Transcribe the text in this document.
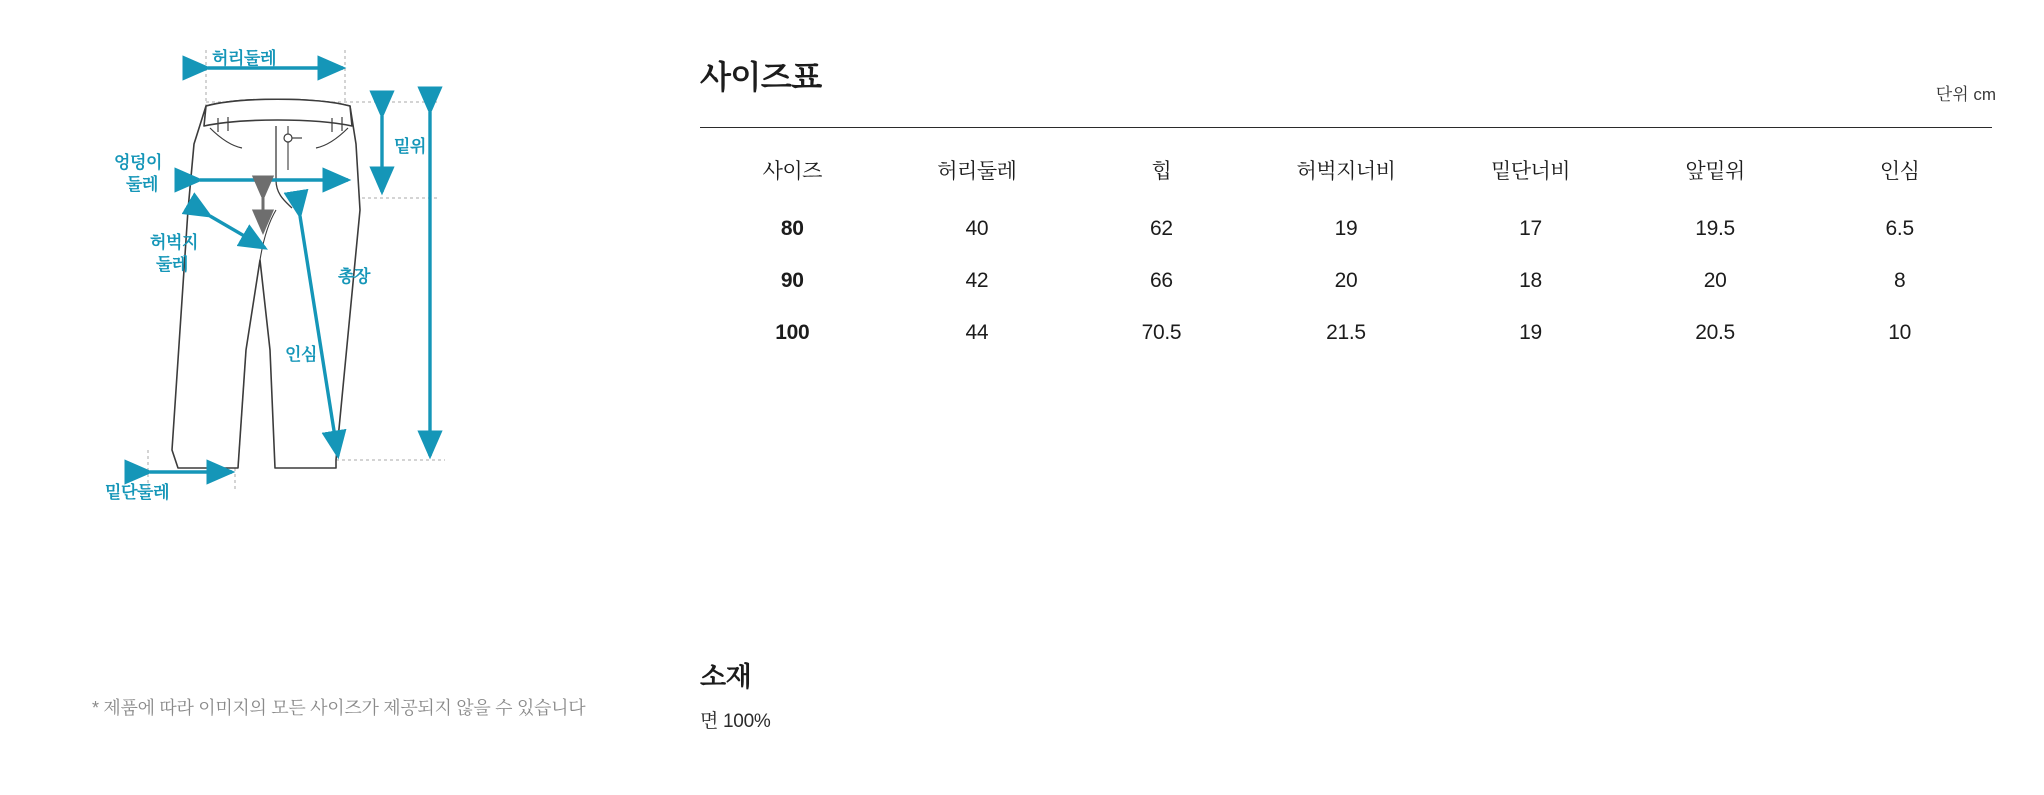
허리둘레
엉덩이
둘레
허벅지
둘레
밑위
총장
인심
밑단둘레
* 제품에 따라 이미지의 모든 사이즈가 제공되지 않을 수 있습니다
사이즈표	단위 cm
사이즈	허리둘레	힙	허벅지너비	밑단너비	앞밑위	인심
80	40	62	19	17	19.5	6.5
90	42	66	20	18	20	8
100	44	70.5	21.5	19	20.5	10
소재
면 100%
